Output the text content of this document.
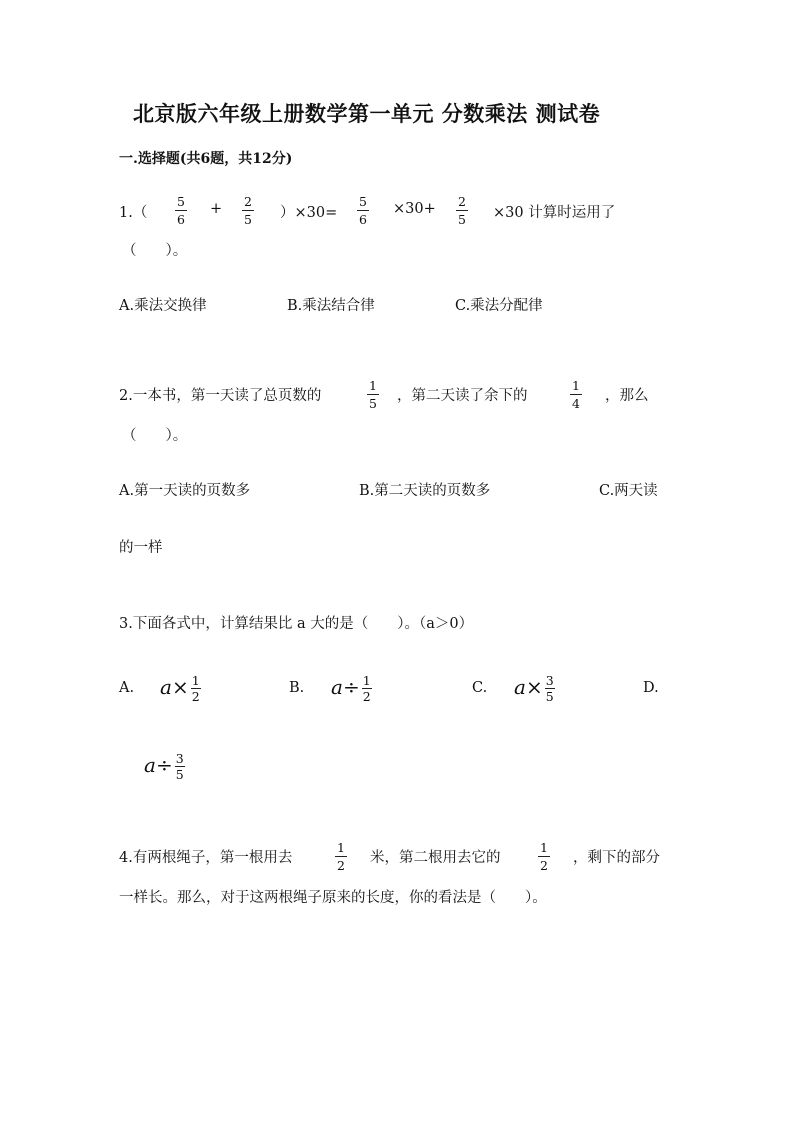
北京版六年级上册数学第一单元 分数乘法 测试卷
一.选择题(共6题，共12分)
1.（
5
6
+ 2
5 ）×30=
5
6
×30+ 2
5 ×30 计算时运用了
（　　）。
A.乘法交换律	B.乘法结合律	C.乘法分配律
2.一本书，第一天读了总页数的
1
5 ，第二天读了余下的
1
4 ，那么
（　　）。
A.第一天读的页数多	B.第二天读的页数多	C.两天读
的一样
3.下面各式中，计算结果比 a 大的是（　　）。（a＞0）
A. $a\times \frac{1}{2}$	B. $a\div \frac{1}{2}$	C. $a\times \frac{3}{5}$	D.
$a\div \frac{3}{5}$
4.有两根绳子，第一根用去
1
2 米，第二根用去它的
1
2 ，剩下的部分
一样长。那么，对于这两根绳子原来的长度，你的看法是（　　）。
